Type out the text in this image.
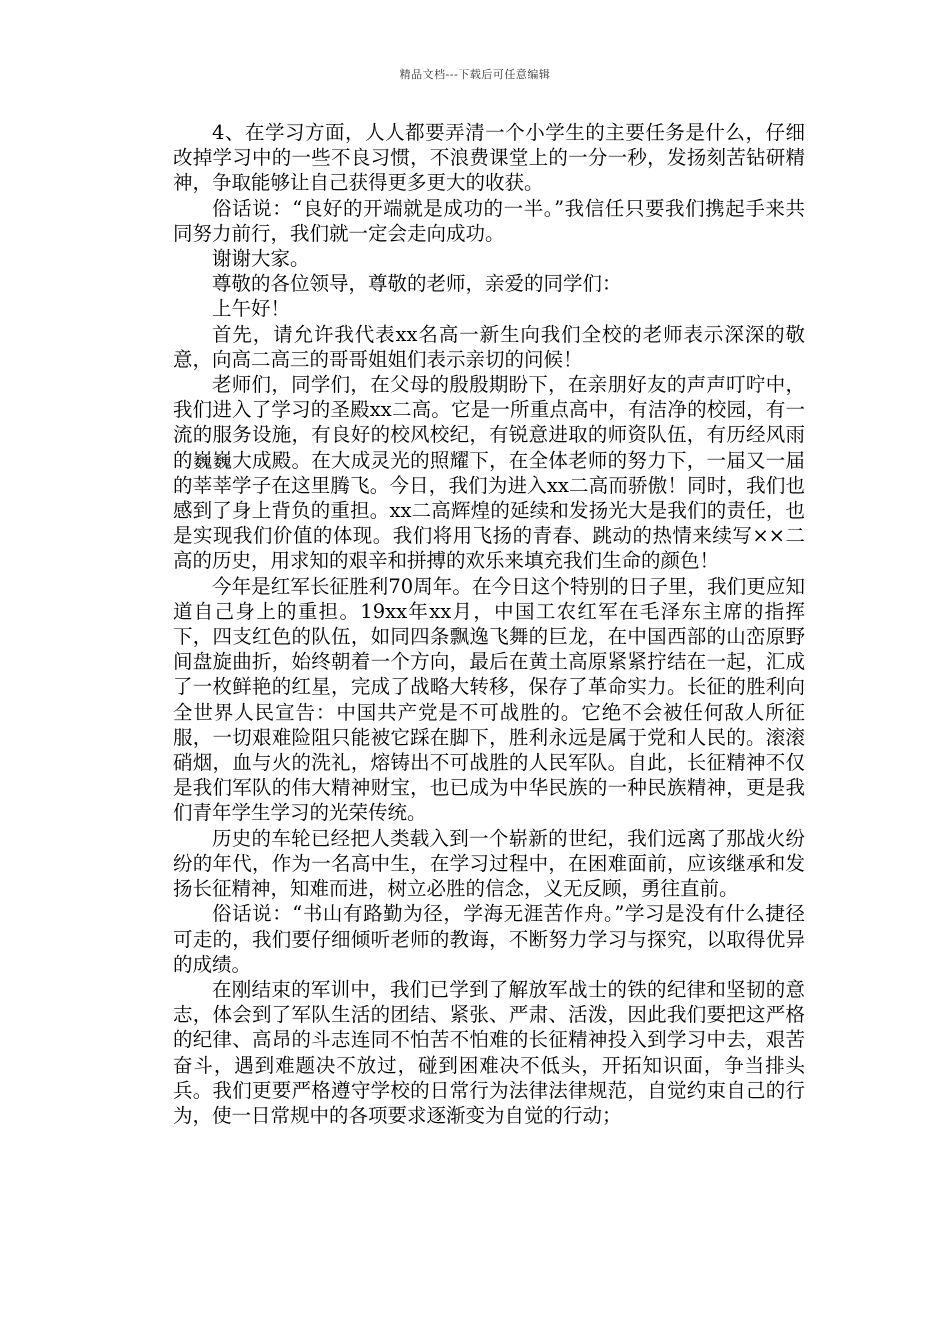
精品文档---下载后可任意编辑

4、在学习方面，人人都要弄清一个小学生的主要任务是什么，仔细改掉学习中的一些不良习惯，不浪费课堂上的一分一秒，发扬刻苦钻研精神，争取能够让自己获得更多更大的收获。

俗话说：“良好的开端就是成功的一半。”我信任只要我们携起手来共同努力前行，我们就一定会走向成功。

谢谢大家。

尊敬的各位领导，尊敬的老师，亲爱的同学们：

上午好！

首先，请允许我代表xx名高一新生向我们全校的老师表示深深的敬意，向高二高三的哥哥姐姐们表示亲切的问候！

老师们，同学们，在父母的殷殷期盼下，在亲朋好友的声声叮咛中，我们进入了学习的圣殿xx二高。它是一所重点高中，有洁净的校园，有一流的服务设施，有良好的校风校纪，有锐意进取的师资队伍，有历经风雨的巍巍大成殿。在大成灵光的照耀下，在全体老师的努力下，一届又一届的莘莘学子在这里腾飞。今日，我们为进入xx二高而骄傲！同时，我们也感到了身上背负的重担。xx二高辉煌的延续和发扬光大是我们的责任，也是实现我们价值的体现。我们将用飞扬的青春、跳动的热情来续写××二高的历史，用求知的艰辛和拼搏的欢乐来填充我们生命的颜色！

今年是红军长征胜利70周年。在今日这个特别的日子里，我们更应知道自己身上的重担。19xx年xx月，中国工农红军在毛泽东主席的指挥下，四支红色的队伍，如同四条飘逸飞舞的巨龙，在中国西部的山峦原野间盘旋曲折，始终朝着一个方向，最后在黄土高原紧紧拧结在一起，汇成了一枚鲜艳的红星，完成了战略大转移，保存了革命实力。长征的胜利向全世界人民宣告：中国共产党是不可战胜的。它绝不会被任何敌人所征服，一切艰难险阻只能被它踩在脚下，胜利永远是属于党和人民的。滚滚硝烟，血与火的洗礼，熔铸出不可战胜的人民军队。自此，长征精神不仅是我们军队的伟大精神财宝，也已成为中华民族的一种民族精神，更是我们青年学生学习的光荣传统。

历史的车轮已经把人类载入到一个崭新的世纪，我们远离了那战火纷纷的年代，作为一名高中生，在学习过程中，在困难面前，应该继承和发扬长征精神，知难而进，树立必胜的信念，义无反顾，勇往直前。

俗话说：“书山有路勤为径，学海无涯苦作舟。”学习是没有什么捷径可走的，我们要仔细倾听老师的教诲，不断努力学习与探究，以取得优异的成绩。

在刚结束的军训中，我们已学到了解放军战士的铁的纪律和坚韧的意志，体会到了军队生活的团结、紧张、严肃、活泼，因此我们要把这严格的纪律、高昂的斗志连同不怕苦不怕难的长征精神投入到学习中去，艰苦奋斗，遇到难题决不放过，碰到困难决不低头，开拓知识面，争当排头兵。我们更要严格遵守学校的日常行为法律法律规范，自觉约束自己的行为，使一日常规中的各项要求逐渐变为自觉的行动；
